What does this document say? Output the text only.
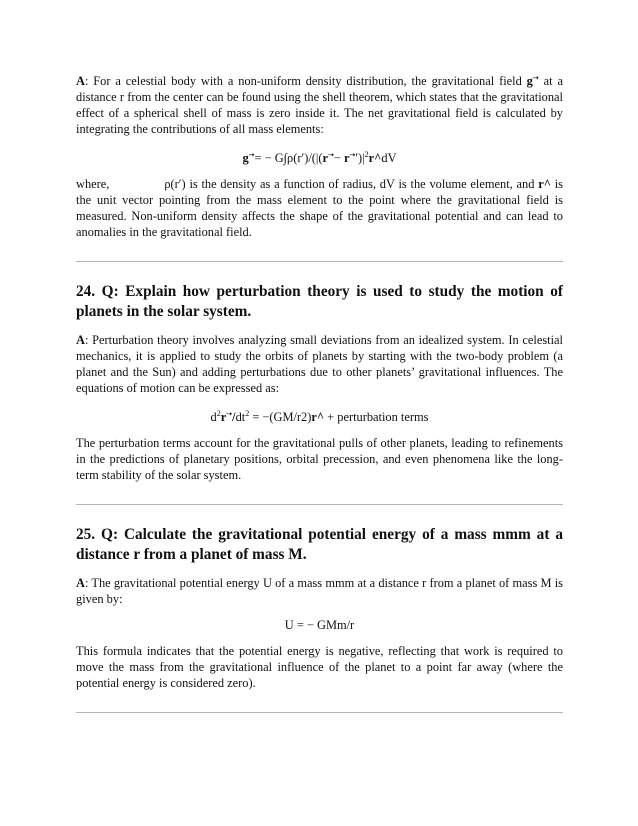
A: For a celestial body with a non-uniform density distribution, the gravitational field g➝ at a distance r from the center can be found using the shell theorem, which states that the gravitational effect of a spherical shell of mass is zero inside it. The net gravitational field is calculated by integrating the contributions of all mass elements:

$g^➝= - G\int\rho(r')/(|(r^➝- r^➝')|^2r\^{}dV$

where,	ρ(r′) is the density as a function of radius, dV is the volume element, and r^ is the unit vector pointing from the mass element to the point where the gravitational field is measured. Non-uniform density affects the shape of the gravitational potential and can lead to anomalies in the gravitational field.

24. Q: Explain how perturbation theory is used to study the motion of planets in the solar system.

A: Perturbation theory involves analyzing small deviations from an idealized system. In celestial mechanics, it is applied to study the orbits of planets by starting with the two-body problem (a planet and the Sun) and adding perturbations due to other planets’ gravitational influences. The equations of motion can be expressed as:

$d^2r^➝/dt^2$ = −(GM/r2)r^ + perturbation terms

The perturbation terms account for the gravitational pulls of other planets, leading to refinements in the predictions of planetary positions, orbital precession, and even phenomena like the long-term stability of the solar system.

25. Q: Calculate the gravitational potential energy of a mass mmm at a distance r from a planet of mass M.

A: The gravitational potential energy U of a mass mmm at a distance r from a planet of mass M is given by:

U = − GMm/r

This formula indicates that the potential energy is negative, reflecting that work is required to move the mass from the gravitational influence of the planet to a point far away (where the potential energy is considered zero).
